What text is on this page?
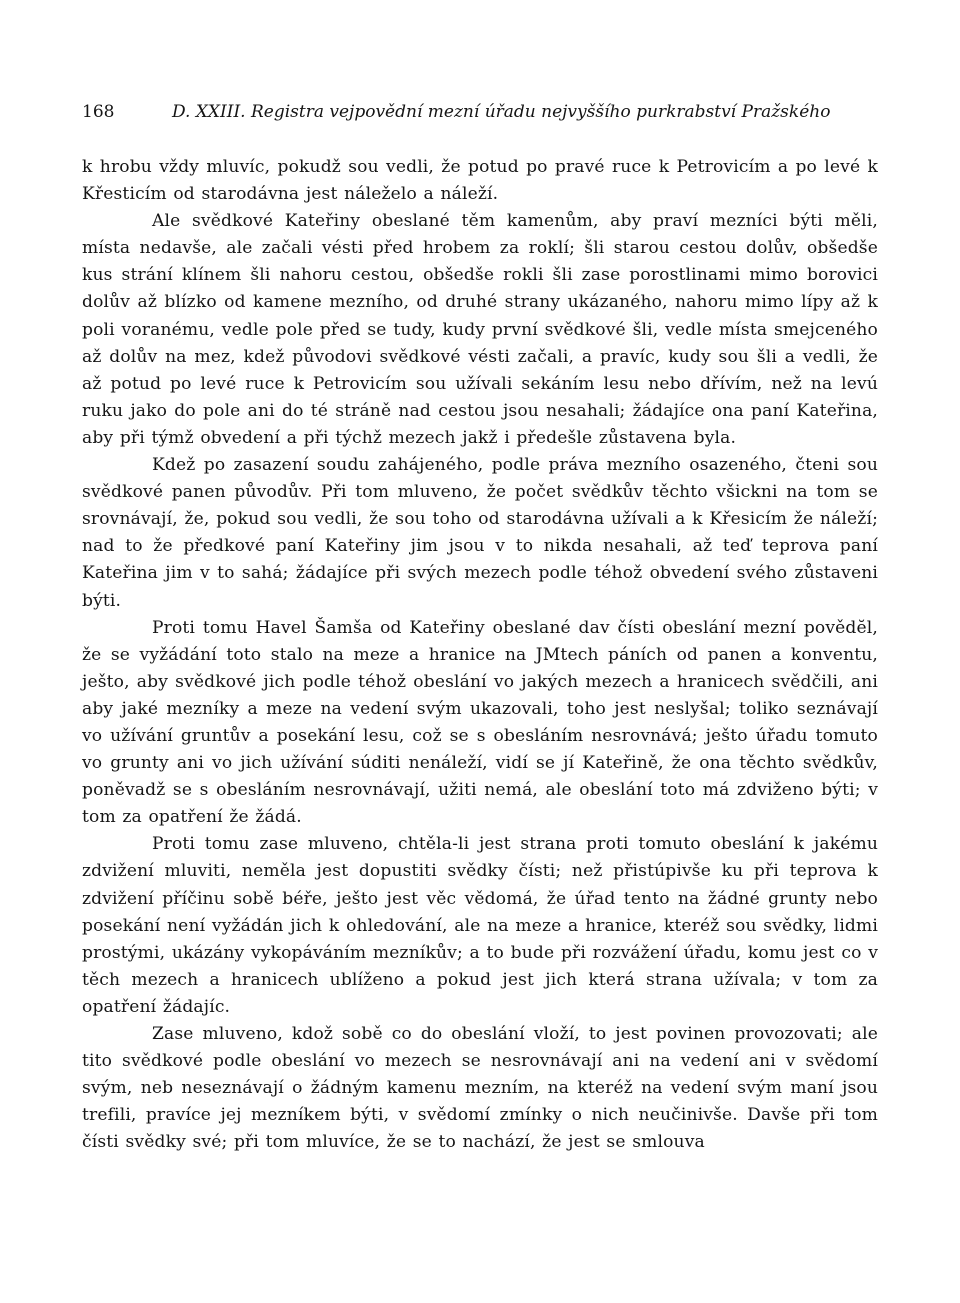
168	D. XXIII. Registra vejpovědní mezní úřadu nejvyššího purkrabství Pražského

k hrobu vždy mluvíc, pokudž sou vedli, že potud po pravé ruce k Petrovicím a po levé k Křesticím od starodávna jest náleželo a náleží.

Ale svědkové Kateřiny obeslané těm kamenům, aby praví mezníci býti měli, místa nedavše, ale začali vésti před hrobem za roklí; šli starou cestou dolův, obšedše kus strání klínem šli nahoru cestou, obšedše rokli šli zase porostlinami mimo borovici dolův až blízko od kamene mezního, od druhé strany ukázaného, nahoru mimo lípy až k poli voranému, vedle pole před se tudy, kudy první svědkové šli, vedle místa smejceného až dolův na mez, kdež původovi svědkové vésti začali, a pravíc, kudy sou šli a vedli, že až potud po levé ruce k Petrovicím sou užívali sekáním lesu nebo dřívím, než na levú ruku jako do pole ani do té stráně nad cestou jsou nesahali; žádajíce ona paní Kateřina, aby při týmž obvedení a při týchž mezech jakž i předešle zůstavena byla.

Kdež po zasazení soudu zahájeného, podle práva mezního osazeného, čteni sou svědkové panen původův. Při tom mluveno, že počet svědkův těchto všickni na tom se srovnávají, že, pokud sou vedli, že sou toho od starodávna užívali a k Křesicím že náleží; nad to že předkové paní Kateřiny jim jsou v to nikda nesahali, až teď teprova paní Kateřina jim v to sahá; žádajíce při svých mezech podle téhož obvedení svého zůstaveni býti.

Proti tomu Havel Šamša od Kateřiny obeslané dav čísti obeslání mezní povědĕl, že se vyžádání toto stalo na meze a hranice na JMtech páních od panen a konventu, ješto, aby svědkové jich podle téhož obeslání vo jakých mezech a hranicech svědčili, ani aby jaké mezníky a meze na vedení svým ukazovali, toho jest neslyšal; toliko seznávají vo užívání gruntův a posekání lesu, což se s obesláním nesrovnává; ješto úřadu tomuto vo grunty ani vo jich užívání súditi nenáleží, vidí se jí Kateřině, že ona těchto svědkův, poněvadž se s obesláním nesrovnávají, užiti nemá, ale obeslání toto má zdviženo býti; v tom za opatření že žádá.

Proti tomu zase mluveno, chtěla-li jest strana proti tomuto obeslání k jakému zdvižení mluviti, neměla jest dopustiti svědky čísti; než přistúpivše ku při teprova k zdvižení příčinu sobě béře, ješto jest věc vědomá, že úřad tento na žádné grunty nebo posekání není vyžádán jich k ohledování, ale na meze a hranice, kteréž sou svědky, lidmi prostými, ukázány vykopáváním mezníkův; a to bude při rozvážení úřadu, komu jest co v těch mezech a hranicech ublíženo a pokud jest jich která strana užívala; v tom za opatření žádajíc.

Zase mluveno, kdož sobě co do obeslání vloží, to jest povinen provozovati; ale tito svědkové podle obeslání vo mezech se nesrovnávají ani na vedení ani v svědomí svým, neb neseznávají o žádným kamenu mezním, na kteréž na vedení svým maní jsou trefili, pravíce jej mezníkem býti, v svědomí zmínky o nich neučinivše. Davše při tom čísti svědky své; při tom mluvíce, že se to nachází, že jest se smlouva
